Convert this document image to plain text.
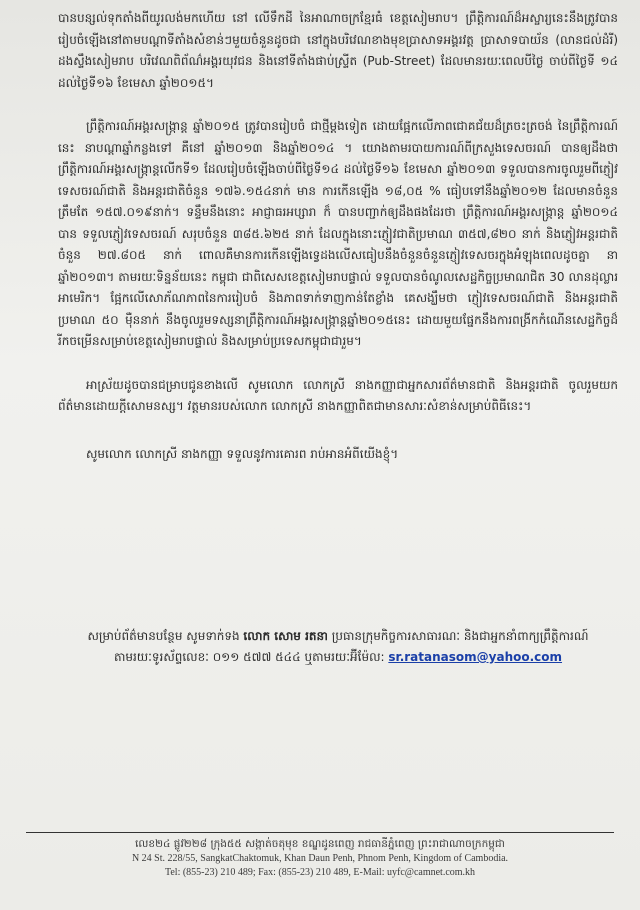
បានបន្សល់ទុកតាំងពីយូរលង់មកហើយ នៅ លើទឹកដី នៃអាណាចក្រខ្មែរធំ ខេត្តសៀមរាប។ ព្រឹត្តិការណ៍ដ៏អស្ចារ្យនេះនឹងត្រូវបានរៀបចំឡើងនៅតាមបណ្តាទីតាំងសំខាន់ៗមួយចំនួនដូចជា នៅក្នុងបរិវេណខាងមុខប្រាសាទអង្គរវត្ត ប្រាសាទបាយ័ន (លានជល់ដំរី) ដងស្ទឹងសៀមរាប បរិវេណពិព័ណ៌អង្គរយុវជន និងនៅទីតាំងផាប់ស្ទ្រីត (Pub-Street) ដែលមានរយៈពេលបីថ្ងៃ ចាប់ពីថ្ងៃទី ១៤ ដល់ថ្ងៃទី១៦ ខែមេសា ឆ្នាំ២០១៥។

ព្រឹត្តិការណ៍អង្គរសង្ក្រាន្ត ឆ្នាំ២០១៥ ត្រូវបានរៀបចំ ជាថ្មីម្តងទៀត ដោយផ្អែកលើភាពជោគជ័យដ៏ត្រចះត្រចង់ នៃព្រឹត្តិការណ៍នេះ នាបណ្តាឆ្នាំកន្លងទៅ គឺនៅ ឆ្នាំ២០១៣ និងឆ្នាំ២០១៤ ។ យោងតាមរបាយការណ៍ពីក្រសួងទេសចរណ៍ បានឲ្យដឹងថា ព្រឹត្តិការណ៍អង្គរសង្ក្រាន្តលើកទី១ ដែលរៀបចំឡើងចាប់ពីថ្ងៃទី១៤ ដល់ថ្ងៃទី១៦ ខែមេសា ឆ្នាំ២០១៣ ទទួលបានការចូលរួមពីភ្ញៀវទេសចរណ៍ជាតិ និងអន្តរជាតិចំនួន ១៧៦.១៥៤នាក់ មាន ការកើនឡើង ១៨,០៥ % ធៀបទៅនឹងឆ្នាំ២០១២ ដែលមានចំនួនត្រឹមតែ ១៥៧.០១៩នាក់។ ទន្ទឹមនឹងនោះ អាជ្ញាធរអប្សារា ក៏ បានបញ្ជាក់ឲ្យដឹងផងដែរថា ព្រឹត្តិការណ៍អង្គរសង្ក្រាន្ត ឆ្នាំ២០១៤ បាន ទទួលភ្ញៀវទេសចរណ៍ សរុបចំនួន ៣៨៥.៦២៥ នាក់ ដែលក្នុងនោះភ្ញៀវជាតិប្រមាណ ៣៥៧,៨២០ នាក់ និងភ្ញៀវអន្តរជាតិចំនួន ២៧.៨០៥ នាក់ ពោលគឺមានការកើនឡើងទ្វេដងលើសធៀបនឹងចំនួនចំនួនភ្ញៀវទេសចរក្នុងអំឡុងពេលដូចគ្នា នា ឆ្នាំ២០១៣។ តាមរយៈទិន្នន័យនេះ កម្ពុជា ជាពិសេសខេត្តសៀមរាបផ្ទាល់ ទទួលបានចំណូលសេដ្ឋកិច្ចប្រមាណជិត 30 លានដុល្លារអាមេរិក។ ផ្អែកលើសោភ័ណភាពនៃការរៀបចំ និងភាពទាក់ទាញកាន់តែខ្លាំង គេសង្ឃឹមថា ភ្ញៀវទេសចរណ៍ជាតិ និងអន្តរជាតិប្រមាណ ៥០ ម៉ឺននាក់ នឹងចូលរួមទស្សនាព្រឹត្តិការណ៍អង្គរសង្ក្រាន្តឆ្នាំ២០១៥នេះ ដោយមួយផ្នែកនឹងការពង្រីកកំណើនសេដ្ឋកិច្ចដ៏រីកចម្រើនសម្រាប់ខេត្តសៀមរាបផ្ទាល់ និងសម្រាប់ប្រទេសកម្ពុជាជារួម។

អាស្រ័យដូចបានជម្រាបជូនខាងលើ សូមលោក លោកស្រី នាងកញ្ញាជាអ្នកសារព័ត៌មានជាតិ និងអន្តរជាតិ ចូលរួមយកព័ត៌មានដោយក្តីសោមនស្ស។ វត្តមានរបស់លោក លោកស្រី នាងកញ្ញាពិតជាមានសារៈសំខាន់សម្រាប់ពិធីនេះ។

សូមលោក លោកស្រី នាងកញ្ញា ទទួលនូវការគោរព រាប់អានអំពីយើងខ្ញុំ។

សម្រាប់ព័ត៌មានបន្ថែម សូមទាក់ទង លោក សោម រតនា ប្រធានក្រុមកិច្ចការសាធារណៈ និងជាអ្នកនាំពាក្យព្រឹត្តិការណ៍
តាមរយៈទូរស័ព្ទលេខៈ ០១១ ៥៧៧ ៥៤៤ ឬតាមរយៈអ៊ីម៉ែល: sr.ratanasom@yahoo.com
លេខ២៤ ផ្លូវ២២៨ ក្រុង៥៥ សង្កាត់ចតុមុខ ខណ្ឌដូនពេញ រាជធានីភ្នំពេញ ព្រះរាជាណាចក្រកម្ពុជា
N 24 St. 228/55, SangkatChaktomuk, Khan Daun Penh, Phnom Penh, Kingdom of Cambodia.
Tel: (855-23) 210 489; Fax: (855-23) 210 489, E-Mail: uyfc@camnet.com.kh
